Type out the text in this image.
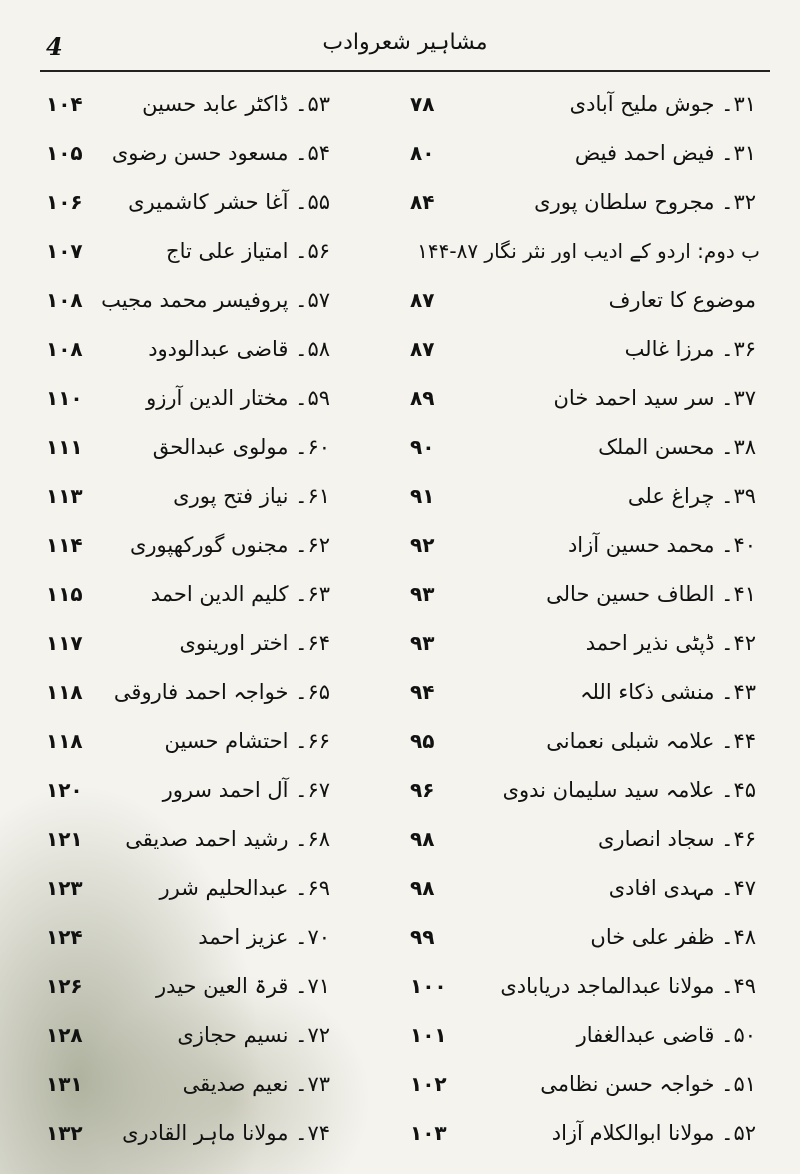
4	مشاہیر شعروادب
۳۱۔ جوش ملیح آبادی
۷۸
۳۱۔ فیض احمد فیض
۸۰
۳۲۔ مجروح سلطان پوری
۸۴
ب دوم: اردو کے ادیب اور نثر نگار ۸۷-۱۴۴
موضوع کا تعارف
۸۷
۳۶۔ مرزا غالب
۸۷
۳۷۔ سر سید احمد خان
۸۹
۳۸۔ محسن الملک
۹۰
۳۹۔ چراغ علی
۹۱
۴۰۔ محمد حسین آزاد
۹۲
۴۱۔ الطاف حسین حالی
۹۳
۴۲۔ ڈپٹی نذیر احمد
۹۳
۴۳۔ منشی ذکاء اللہ
۹۴
۴۴۔ علامہ شبلی نعمانی
۹۵
۴۵۔ علامہ سید سلیمان ندوی
۹۶
۴۶۔ سجاد انصاری
۹۸
۴۷۔ مہدی افادی
۹۸
۴۸۔ ظفر علی خاں
۹۹
۴۹۔ مولانا عبدالماجد دریابادی
۱۰۰
۵۰۔ قاضی عبدالغفار
۱۰۱
۵۱۔ خواجہ حسن نظامی
۱۰۲
۵۲۔ مولانا ابوالکلام آزاد
۱۰۳
۵۳۔ ڈاکٹر عابد حسین
۱۰۴
۵۴۔ مسعود حسن رضوی
۱۰۵
۵۵۔ آغا حشر کاشمیری
۱۰۶
۵۶۔ امتیاز علی تاج
۱۰۷
۵۷۔ پروفیسر محمد مجیب
۱۰۸
۵۸۔ قاضی عبدالودود
۱۰۸
۵۹۔ مختار الدین آرزو
۱۱۰
۶۰۔ مولوی عبدالحق
۱۱۱
۶۱۔ نیاز فتح پوری
۱۱۳
۶۲۔ مجنوں گورکھپوری
۱۱۴
۶۳۔ کلیم الدین احمد
۱۱۵
۶۴۔ اختر اورینوی
۱۱۷
۶۵۔ خواجہ احمد فاروقی
۱۱۸
۶۶۔ احتشام حسین
۱۱۸
۶۷۔ آل احمد سرور
۱۲۰
۶۸۔ رشید احمد صدیقی
۱۲۱
۶۹۔ عبدالحلیم شرر
۱۲۳
۷۰۔ عزیز احمد
۱۲۴
۷۱۔ قرۃ العین حیدر
۱۲۶
۷۲۔ نسیم حجازی
۱۲۸
۷۳۔ نعیم صدیقی
۱۳۱
۷۴۔ مولانا ماہر القادری
۱۳۲
